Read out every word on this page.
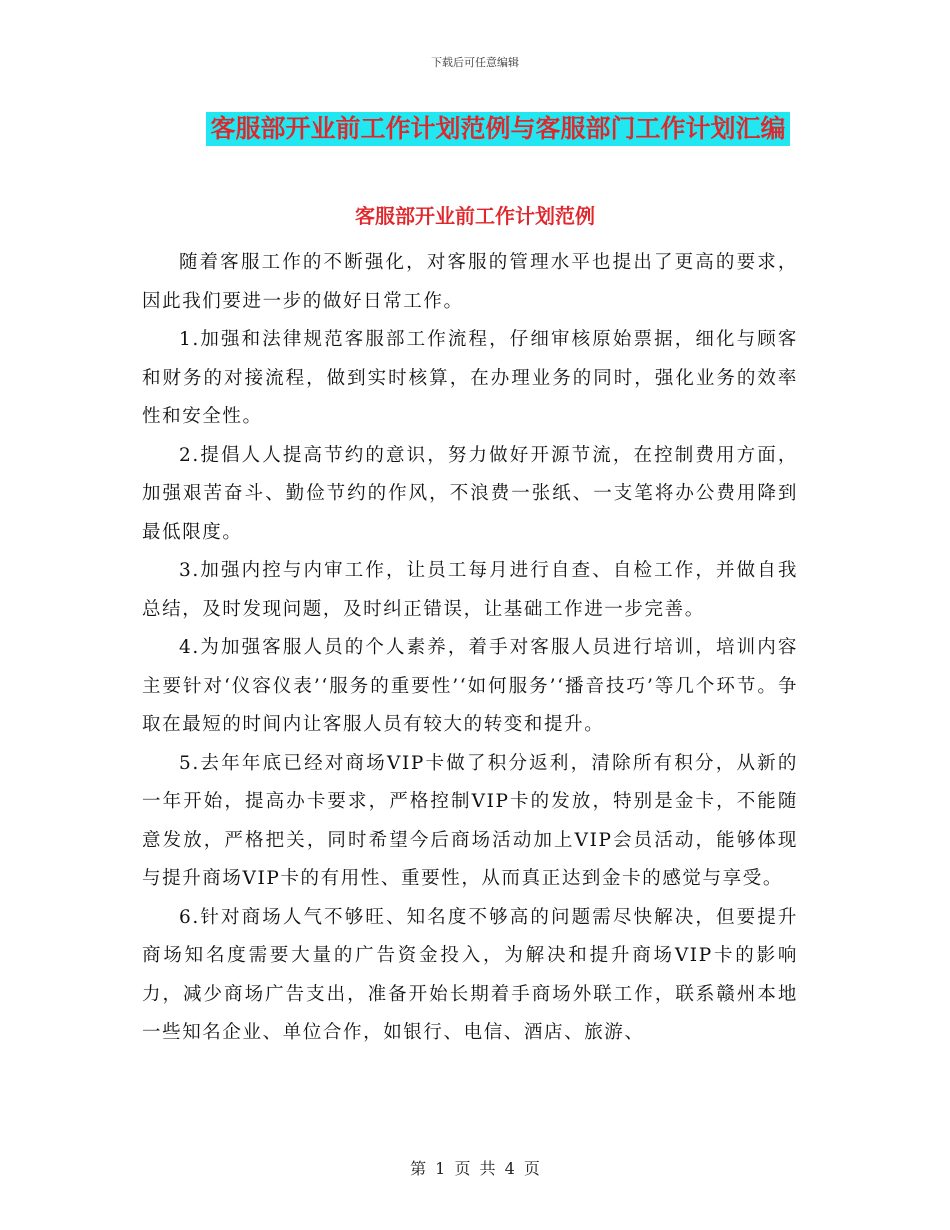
下载后可任意编辑
客服部开业前工作计划范例与客服部门工作计划汇编
客服部开业前工作计划范例

随着客服工作的不断强化，对客服的管理水平也提出了更高的要求，因此我们要进一步的做好日常工作。

1.加强和法律规范客服部工作流程，仔细审核原始票据，细化与顾客和财务的对接流程，做到实时核算，在办理业务的同时，强化业务的效率性和安全性。

2.提倡人人提高节约的意识，努力做好开源节流，在控制费用方面，加强艰苦奋斗、勤俭节约的作风，不浪费一张纸、一支笔将办公费用降到最低限度。

3.加强内控与内审工作，让员工每月进行自查、自检工作，并做自我总结，及时发现问题，及时纠正错误，让基础工作进一步完善。

4.为加强客服人员的个人素养，着手对客服人员进行培训，培训内容主要针对‘仪容仪表’‘服务的重要性’‘如何服务’‘播音技巧’等几个环节。争取在最短的时间内让客服人员有较大的转变和提升。

5.去年年底已经对商场VIP卡做了积分返利，清除所有积分，从新的一年开始，提高办卡要求，严格控制VIP卡的发放，特别是金卡，不能随意发放，严格把关，同时希望今后商场活动加上VIP会员活动，能够体现与提升商场VIP卡的有用性、重要性，从而真正达到金卡的感觉与享受。

6.针对商场人气不够旺、知名度不够高的问题需尽快解决，但要提升商场知名度需要大量的广告资金投入，为解决和提升商场VIP卡的影响力，减少商场广告支出，准备开始长期着手商场外联工作，联系赣州本地一些知名企业、单位合作，如银行、电信、酒店、旅游、

第 1 页 共 4 页
